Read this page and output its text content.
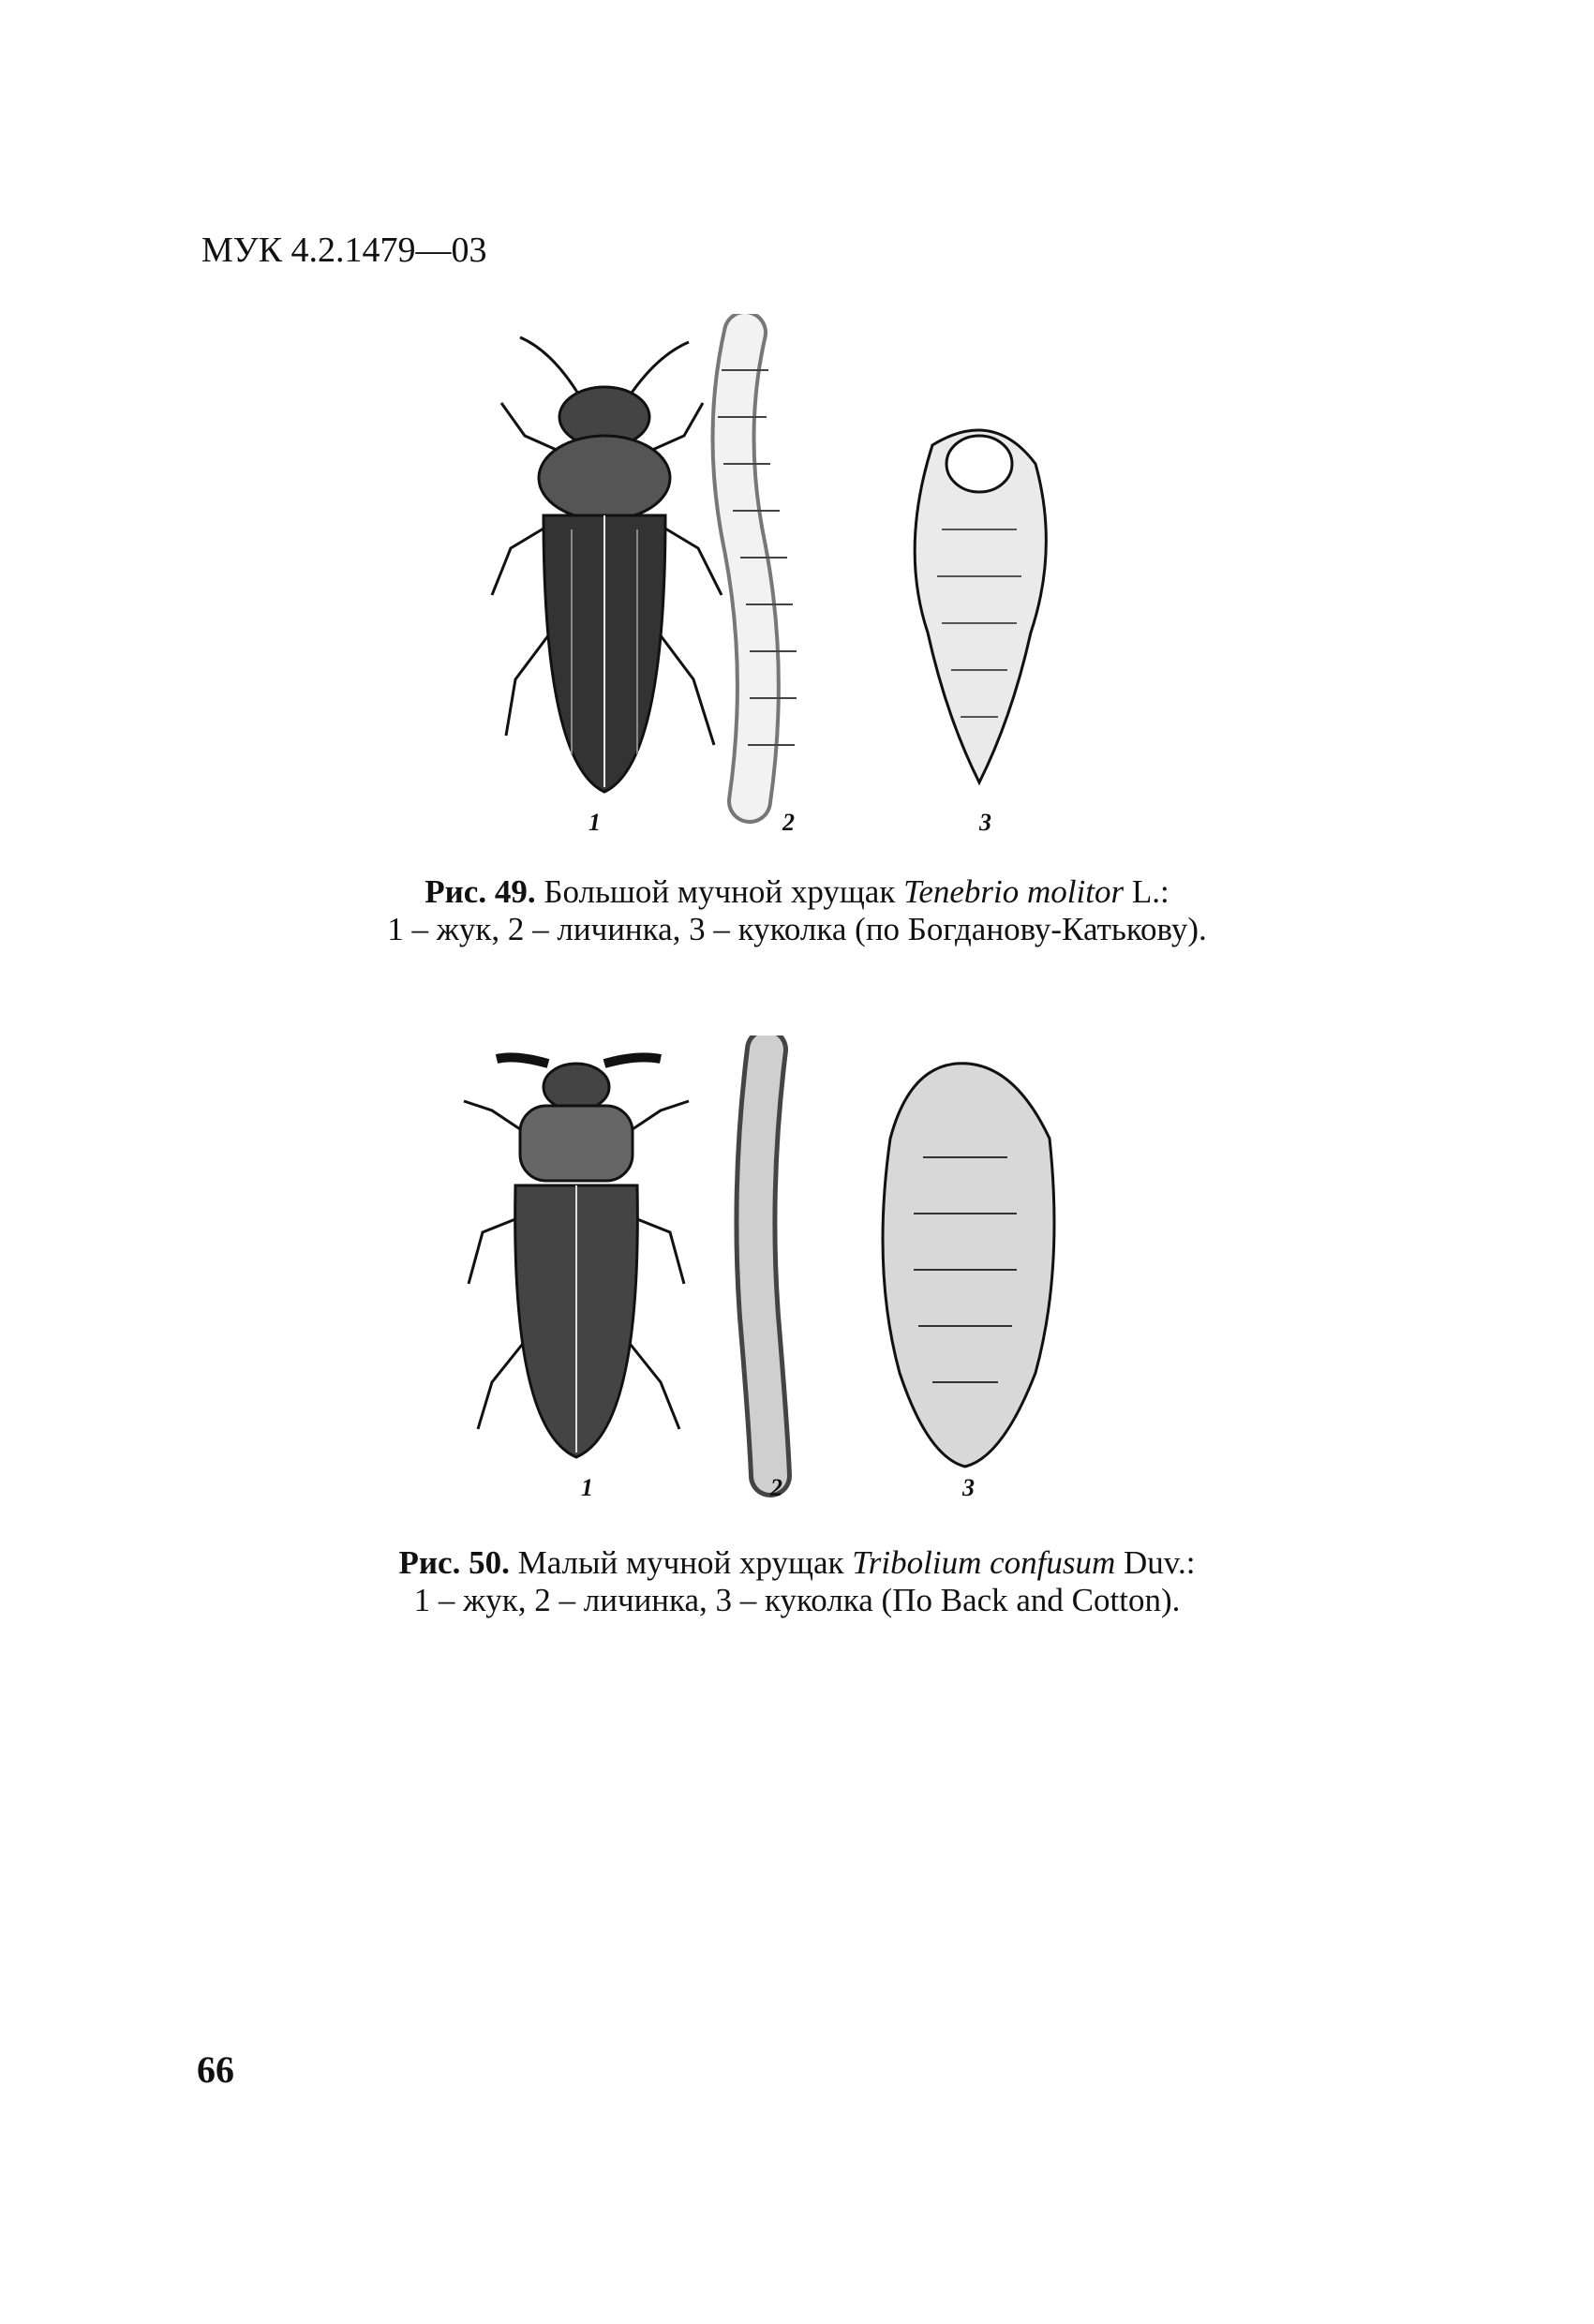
МУК 4.2.1479—03
1	2	3
Рис. 49. Большой мучной хрущак Tenebrio molitor L.:
1 – жук, 2 – личинка, 3 – куколка (по Богданову-Катькову).
1	2	3
Рис. 50. Малый мучной хрущак Tribolium confusum Duv.:
1 – жук, 2 – личинка, 3 – куколка (По Back and Cotton).
66
